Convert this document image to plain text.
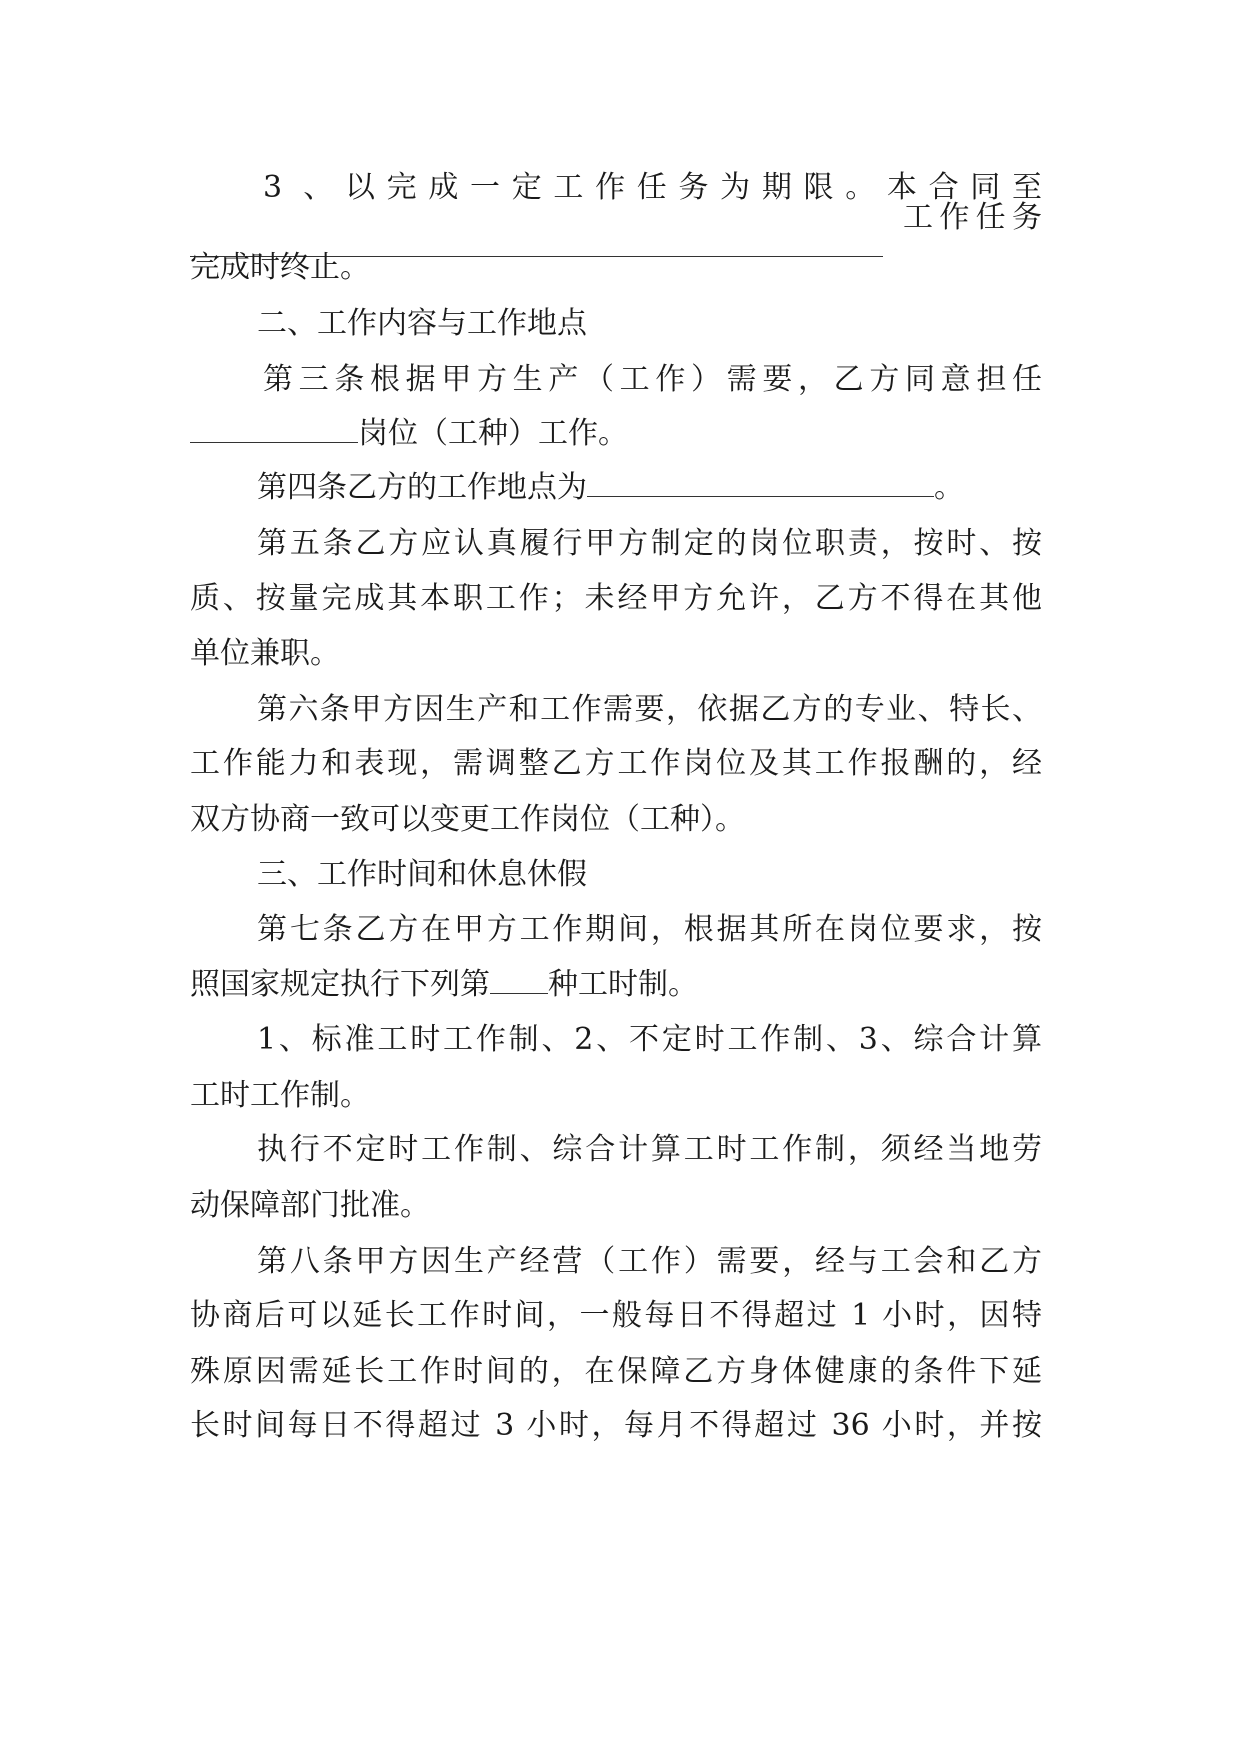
3 、以完成一定工作任务为期限。本合同至
工作任务
完成时终止。
二、工作内容与工作地点
第三条根据甲方生产（工作）需要，乙方同意担任
岗位（工种）工作。
第四条乙方的工作地点为	。
第五条乙方应认真履行甲方制定的岗位职责，按时、按
质、按量完成其本职工作；未经甲方允许，乙方不得在其他
单位兼职。
第六条甲方因生产和工作需要，依据乙方的专业、特长、
工作能力和表现，需调整乙方工作岗位及其工作报酬的，经
双方协商一致可以变更工作岗位（工种）。
三、工作时间和休息休假
第七条乙方在甲方工作期间，根据其所在岗位要求，按
照国家规定执行下列第 种工时制。
1、标准工时工作制、2、不定时工作制、3、综合计算
工时工作制。
执行不定时工作制、综合计算工时工作制，须经当地劳
动保障部门批准。
第八条甲方因生产经营（工作）需要，经与工会和乙方
协商后可以延长工作时间，一般每日不得超过 1 小时，因特
殊原因需延长工作时间的，在保障乙方身体健康的条件下延
长时间每日不得超过 3 小时，每月不得超过 36 小时，并按
